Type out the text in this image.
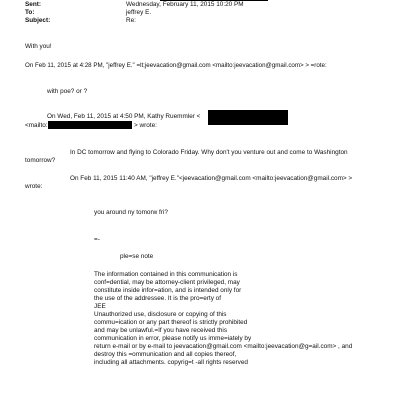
Sent:	Wednesday, February 11, 2015 10:20 PM
To:	jeffrey E.
Subject:	Re:
With you!
On Feb 11, 2015 at 4:28 PM, "jeffrey E." =lt;jeevacation@gmail.com <mailto:jeevacation@gmail.com> > =rote:
with poe? or ?
On Wed, Feb 11, 2015 at 4:50 PM, Kathy Ruemmler <
<mailto:	> wrote:
In DC tomorrow and flying to Colorado Friday. Why don't you venture out and come to Washington
tomorrow?
On Feb 11, 2015 11:40 AM, "jeffrey E."<jeevacation@gmail.com <mailto:jeevacation@gmail.com> >
wrote:
you around ny tomorw fri?
=-
ple=se note
The information contained in this communication is
conf=dential, may be attorney-client privileged, may
constitute inside infor=ation, and is intended only for
the use of the addressee. It is the pro=erty of
JEE
Unauthorized use, disclosure or copying of this
commu=ication or any part thereof is strictly prohibited
and may be unlawful.=If you have received this
communication in error, please notify us imme=iately by
return e-mail or by e-mail to jeevacation@gmail.com <mailto:jeevacation@g=ail.com> , and
destroy this =ommunication and all copies thereof,
including all attachments. copyrig=t -all rights reserved
